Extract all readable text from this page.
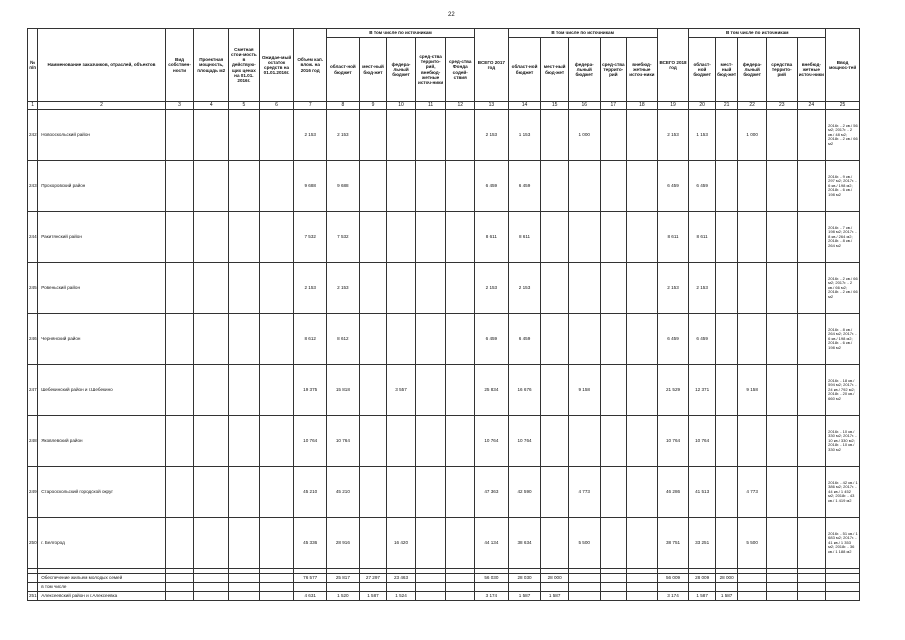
22
№ п/п	Наименование заказчиков, отраслей, объектов	Вид собствен-ности	Проектная мощность, площадь м2	Сметная стои-мость в действую-щих ценах на 01.01. 2016г.	Ожидае-мый остаток средств на 01.01.2016г.	Объем кап. влож. на 2016 год	В том числе по источникам					ВСЕГО 2017 год	В том числе по источникам					ВСЕГО 2018 год	В том числе по источникам					Ввод мощнос-тей
							област-ной бюджет	мест-ный бюд-жет	федера-льный бюджет	сред-ства террито-рий, внебюд-жетные источ-ники	сред-ства Фонда содей-ствия		област-ной бюджет	мест-ный бюд-жет	федера-льный бюджет	сред-ства террито-рий	внебюд-жетные источ-ники		област-ной бюджет	мест-ный бюд-жет	федера-льный бюджет	средства террито-рий	внебюд-жетные источ-ники	
1	2	3	4	5	6	7	8	9	10	11	12	13	14	15	16	17	18	19	20	21	22	23	24	25
242	Новооскольский район					2 153	2 153					2 153	1 153		1 000			2 153	1 153		1 000			2016г. - 2 кв./ 56 м2; 2017г. - 2 кв./ 48 м2; 2018г. - 2 кв./ 66 м2
243	Прохоровский район					9 688	9 688					6 459	6 459					6 459	6 459					2016г. - 9 кв./ 297 м2; 2017г. - 6 кв./ 198 м2; 2018г. - 6 кв./ 198 м2
244	Ракитянский район					7 532	7 532					8 611	8 611					8 611	8 611					2016г. - 7 кв./ 198 м2; 2017г. - 8 кв./ 264 м2; 2018г. - 8 кв./ 264 м2
245	Ровеньский район					2 153	2 153					2 153	2 153					2 153	2 153					2016г. - 2 кв./ 66 м2; 2017г. - 2 кв./ 66 м2; 2018г. - 2 кв./ 66 м2
246	Чернянский район					8 612	8 612					6 459	6 459					6 459	6 459					2016г. - 8 кв./ 264 м2; 2017г. - 6 кв./ 198 м2; 2018г. - 6 кв./ 198 м2
247	Шебекинский район и г.Шебекино					19 375	15 818		3 557			25 834	16 676		9 158			21 529	12 371		9 158			2016г. - 18 кв./ 594 м2; 2017г. - 24 кв./ 792 м2; 2018г. - 20 кв./ 660 м2
248	Яковлевский район					10 764	10 764					10 764	10 764					10 764	10 764					2016г. - 10 кв./ 330 м2; 2017г. - 10 кв./ 330 м2; 2018г. - 10 кв./ 330 м2
249	Старооскольский городской округ					45 210	45 210					47 363	42 590		4 773			46 286	41 513		4 773			2016г. - 42 кв./ 1 386 м2; 2017г. - 44 кв./ 1 452 м2; 2018г. - 43 кв./ 1 419 м2
250	г. Белгород					45 336	28 916		16 420			44 134	38 634		5 500			38 751	33 251		5 500			2016г. - 51 кв./ 1 683 м2; 2017г. - 41 кв./ 1 353 м2; 2018г. - 36 кв./ 1 188 м2

	Обеспечение жильем молодых семей					76 577	25 817	27 297	23 463			56 030	28 030	28 000				56 009	28 009	28 000				
	в том числе																							
251	Алексеевский район и г.Алексеевка					4 631	1 520	1 587	1 524			3 174	1 587	1 587				3 174	1 587	1 587				
